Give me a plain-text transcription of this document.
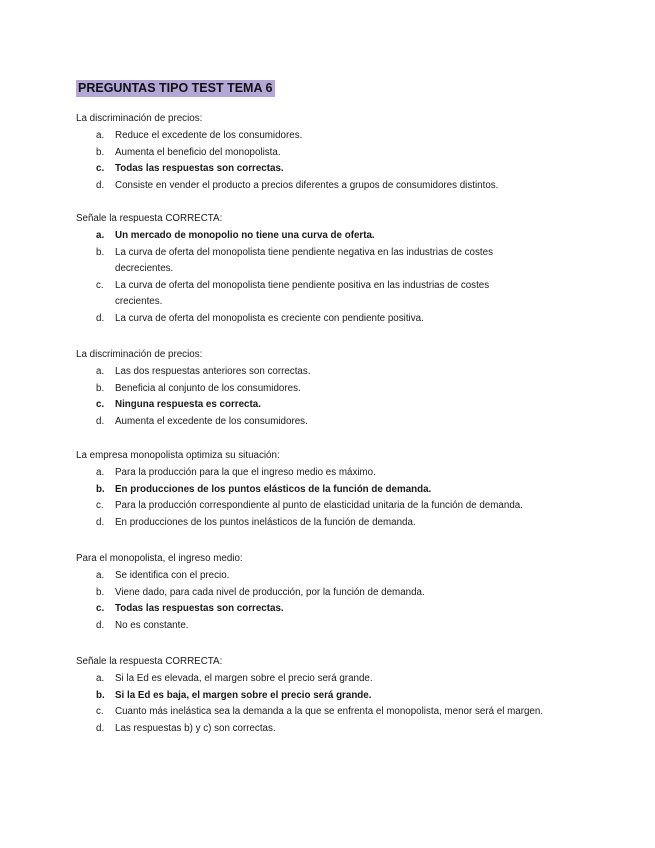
PREGUNTAS TIPO TEST TEMA 6

La discriminación de precios:

a. Reduce el excedente de los consumidores.
b. Aumenta el beneficio del monopolista.
c. Todas las respuestas son correctas.
d. Consiste en vender el producto a precios diferentes a grupos de consumidores distintos.

Señale la respuesta CORRECTA:

a. Un mercado de monopolio no tiene una curva de oferta.
b. La curva de oferta del monopolista tiene pendiente negativa en las industrias de costes decrecientes.
c. La curva de oferta del monopolista tiene pendiente positiva en las industrias de costes crecientes.
d. La curva de oferta del monopolista es creciente con pendiente positiva.

La discriminación de precios:

a. Las dos respuestas anteriores son correctas.
b. Beneficia al conjunto de los consumidores.
c. Ninguna respuesta es correcta.
d. Aumenta el excedente de los consumidores.

La empresa monopolista optimiza su situación:

a. Para la producción para la que el ingreso medio es máximo.
b. En producciones de los puntos elásticos de la función de demanda.
c. Para la producción correspondiente al punto de elasticidad unitaria de la función de demanda.
d. En producciones de los puntos inelásticos de la función de demanda.

Para el monopolista, el ingreso medio:

a. Se identifica con el precio.
b. Viene dado, para cada nivel de producción, por la función de demanda.
c. Todas las respuestas son correctas.
d. No es constante.

Señale la respuesta CORRECTA:

a. Si la Ed es elevada, el margen sobre el precio será grande.
b. Si la Ed es baja, el margen sobre el precio será grande.
c. Cuanto más inelástica sea la demanda a la que se enfrenta el monopolista, menor será el margen.
d. Las respuestas b) y c) son correctas.
